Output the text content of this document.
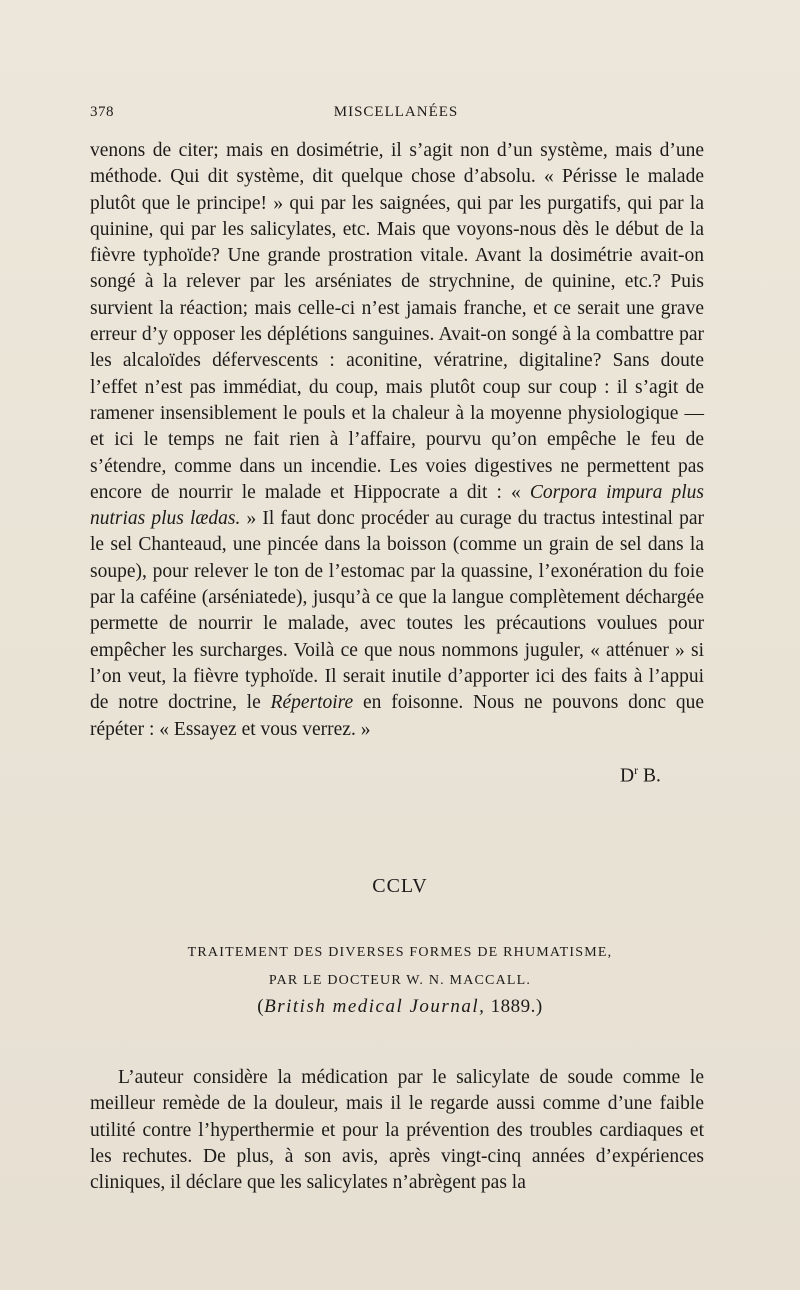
378	MISCELLANÉES

venons de citer; mais en dosimétrie, il s’agit non d’un système, mais d’une méthode. Qui dit système, dit quelque chose d’absolu. « Périsse le malade plutôt que le principe! » qui par les saignées, qui par les purgatifs, qui par la quinine, qui par les salicylates, etc. Mais que voyons-nous dès le début de la fièvre typhoïde? Une grande prostration vitale. Avant la dosimétrie avait-on songé à la relever par les arséniates de strychnine, de quinine, etc.? Puis survient la réaction; mais celle-ci n’est jamais franche, et ce serait une grave erreur d’y opposer les déplétions sanguines. Avait-on songé à la combattre par les alcaloïdes défervescents : aconitine, vératrine, digitaline? Sans doute l’effet n’est pas immédiat, du coup, mais plutôt coup sur coup : il s’agit de ramener insensiblement le pouls et la chaleur à la moyenne physiologique — et ici le temps ne fait rien à l’affaire, pourvu qu’on empêche le feu de s’étendre, comme dans un incendie. Les voies digestives ne permettent pas encore de nourrir le malade et Hippocrate a dit : « Corpora impura plus nutrias plus lædas. » Il faut donc procéder au curage du tractus intestinal par le sel Chanteaud, une pincée dans la boisson (comme un grain de sel dans la soupe), pour relever le ton de l’estomac par la quassine, l’exonération du foie par la caféine (arséniatede), jusqu’à ce que la langue complètement déchargée permette de nourrir le malade, avec toutes les précautions voulues pour empêcher les surcharges. Voilà ce que nous nommons juguler, « atténuer » si l’on veut, la fièvre typhoïde. Il serait inutile d’apporter ici des faits à l’appui de notre doctrine, le Répertoire en foisonne. Nous ne pouvons donc que répéter : « Essayez et vous verrez. »

$D^r$ B.
CCLV
TRAITEMENT DES DIVERSES FORMES DE RHUMATISME,
PAR LE DOCTEUR W. N. MACCALL.
(British medical Journal, 1889.)

L’auteur considère la médication par le salicylate de soude comme le meilleur remède de la douleur, mais il le regarde aussi comme d’une faible utilité contre l’hyperthermie et pour la prévention des troubles cardiaques et les rechutes. De plus, à son avis, après vingt-cinq années d’expériences cliniques, il déclare que les salicylates n’abrègent pas la
